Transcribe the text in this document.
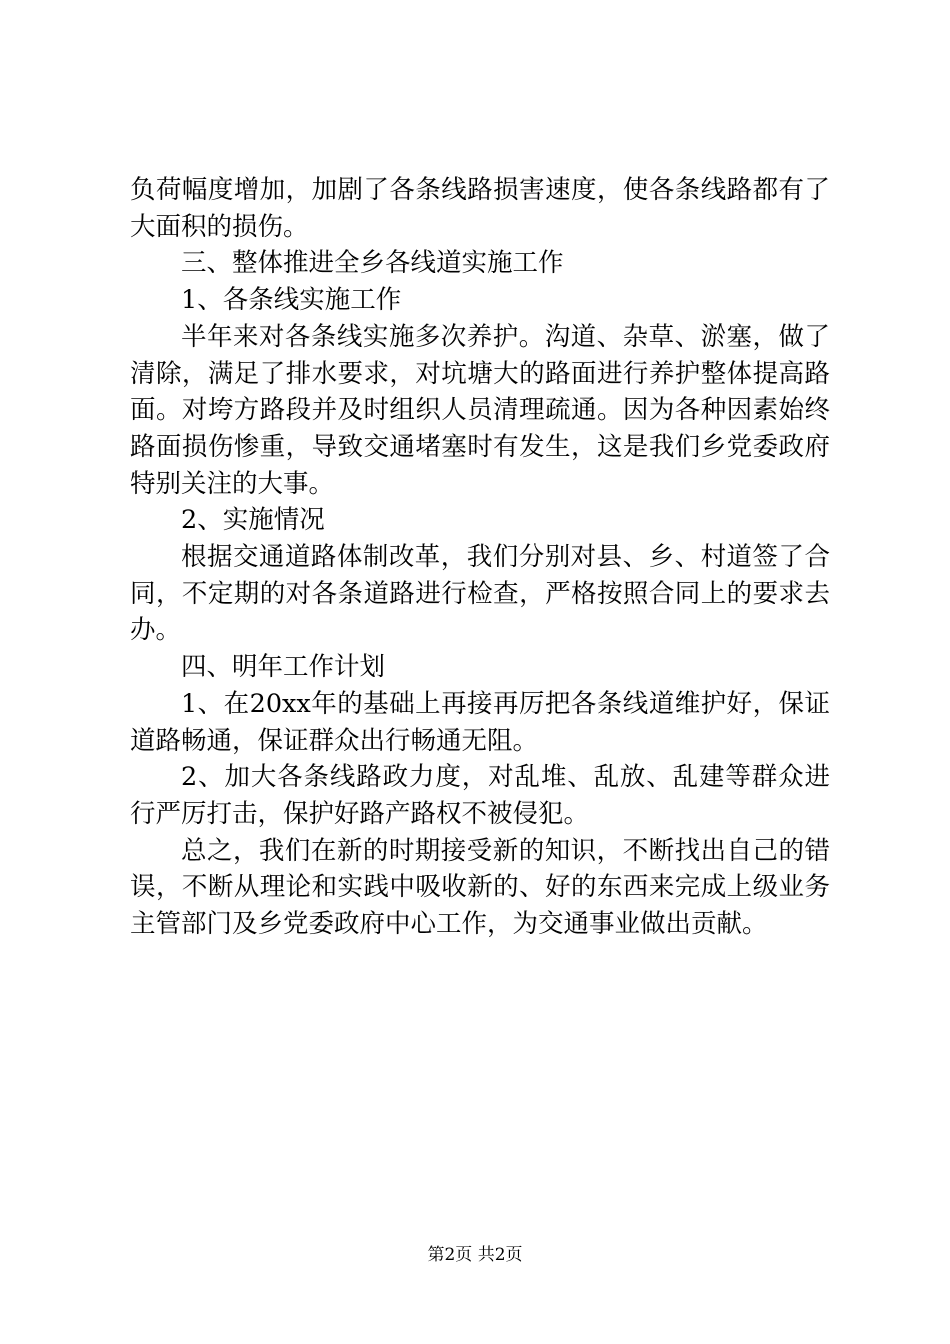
负荷幅度增加，加剧了各条线路损害速度，使各条线路都有了大面积的损伤。

三、整体推进全乡各线道实施工作

1、各条线实施工作

半年来对各条线实施多次养护。沟道、杂草、淤塞，做了清除，满足了排水要求，对坑塘大的路面进行养护整体提高路面。对垮方路段并及时组织人员清理疏通。因为各种因素始终路面损伤惨重，导致交通堵塞时有发生，这是我们乡党委政府特别关注的大事。

2、实施情况

根据交通道路体制改革，我们分别对县、乡、村道签了合同，不定期的对各条道路进行检查，严格按照合同上的要求去办。

四、明年工作计划

1、在20xx年的基础上再接再厉把各条线道维护好，保证道路畅通，保证群众出行畅通无阻。

2、加大各条线路政力度，对乱堆、乱放、乱建等群众进行严厉打击，保护好路产路权不被侵犯。

总之，我们在新的时期接受新的知识，不断找出自己的错误，不断从理论和实践中吸收新的、好的东西来完成上级业务主管部门及乡党委政府中心工作，为交通事业做出贡献。

第2页 共2页
